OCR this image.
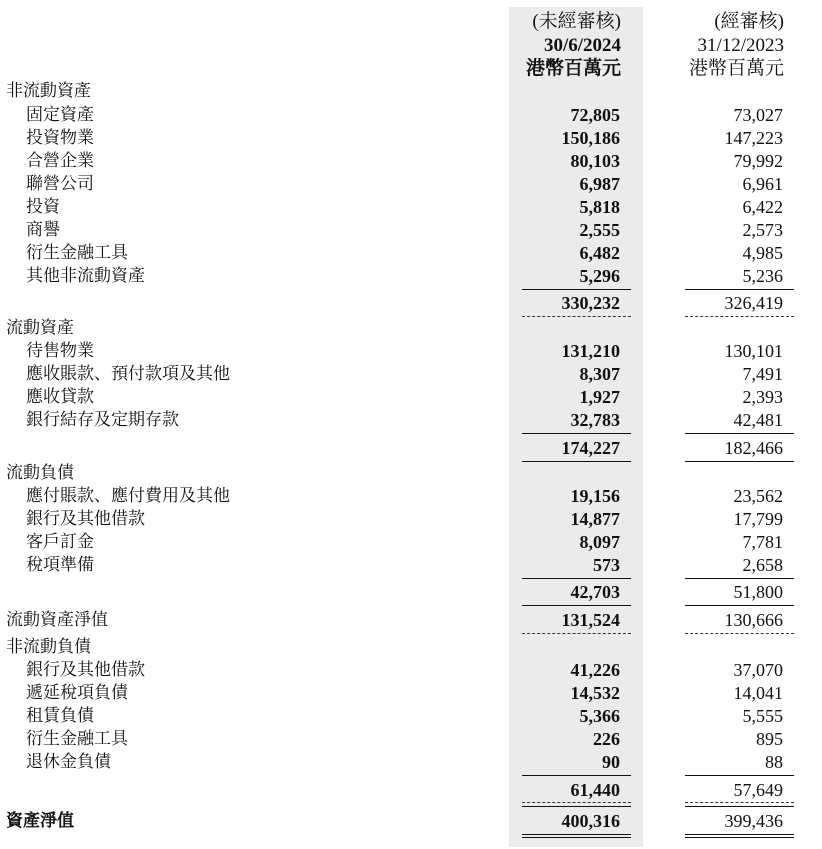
(未經審核)
30/6/2024
港幣百萬元
(經審核)
31/12/2023
港幣百萬元
非流動資產
固定資產	72,805	73,027
投資物業	150,186	147,223
合營企業	80,103	79,992
聯營公司	6,987	6,961
投資	5,818	6,422
商譽	2,555	2,573
衍生金融工具	6,482	4,985
其他非流動資產	5,296	5,236
330,232	326,419
流動資產
待售物業	131,210	130,101
應收賬款、預付款項及其他	8,307	7,491
應收貸款	1,927	2,393
銀行結存及定期存款	32,783	42,481
174,227	182,466
流動負債
應付賬款、應付費用及其他	19,156	23,562
銀行及其他借款	14,877	17,799
客戶訂金	8,097	7,781
稅項準備	573	2,658
42,703	51,800
流動資產淨值	131,524	130,666
非流動負債
銀行及其他借款	41,226	37,070
遞延稅項負債	14,532	14,041
租賃負債	5,366	5,555
衍生金融工具	226	895
退休金負債	90	88
61,440	57,649
資產淨值	400,316	399,436
